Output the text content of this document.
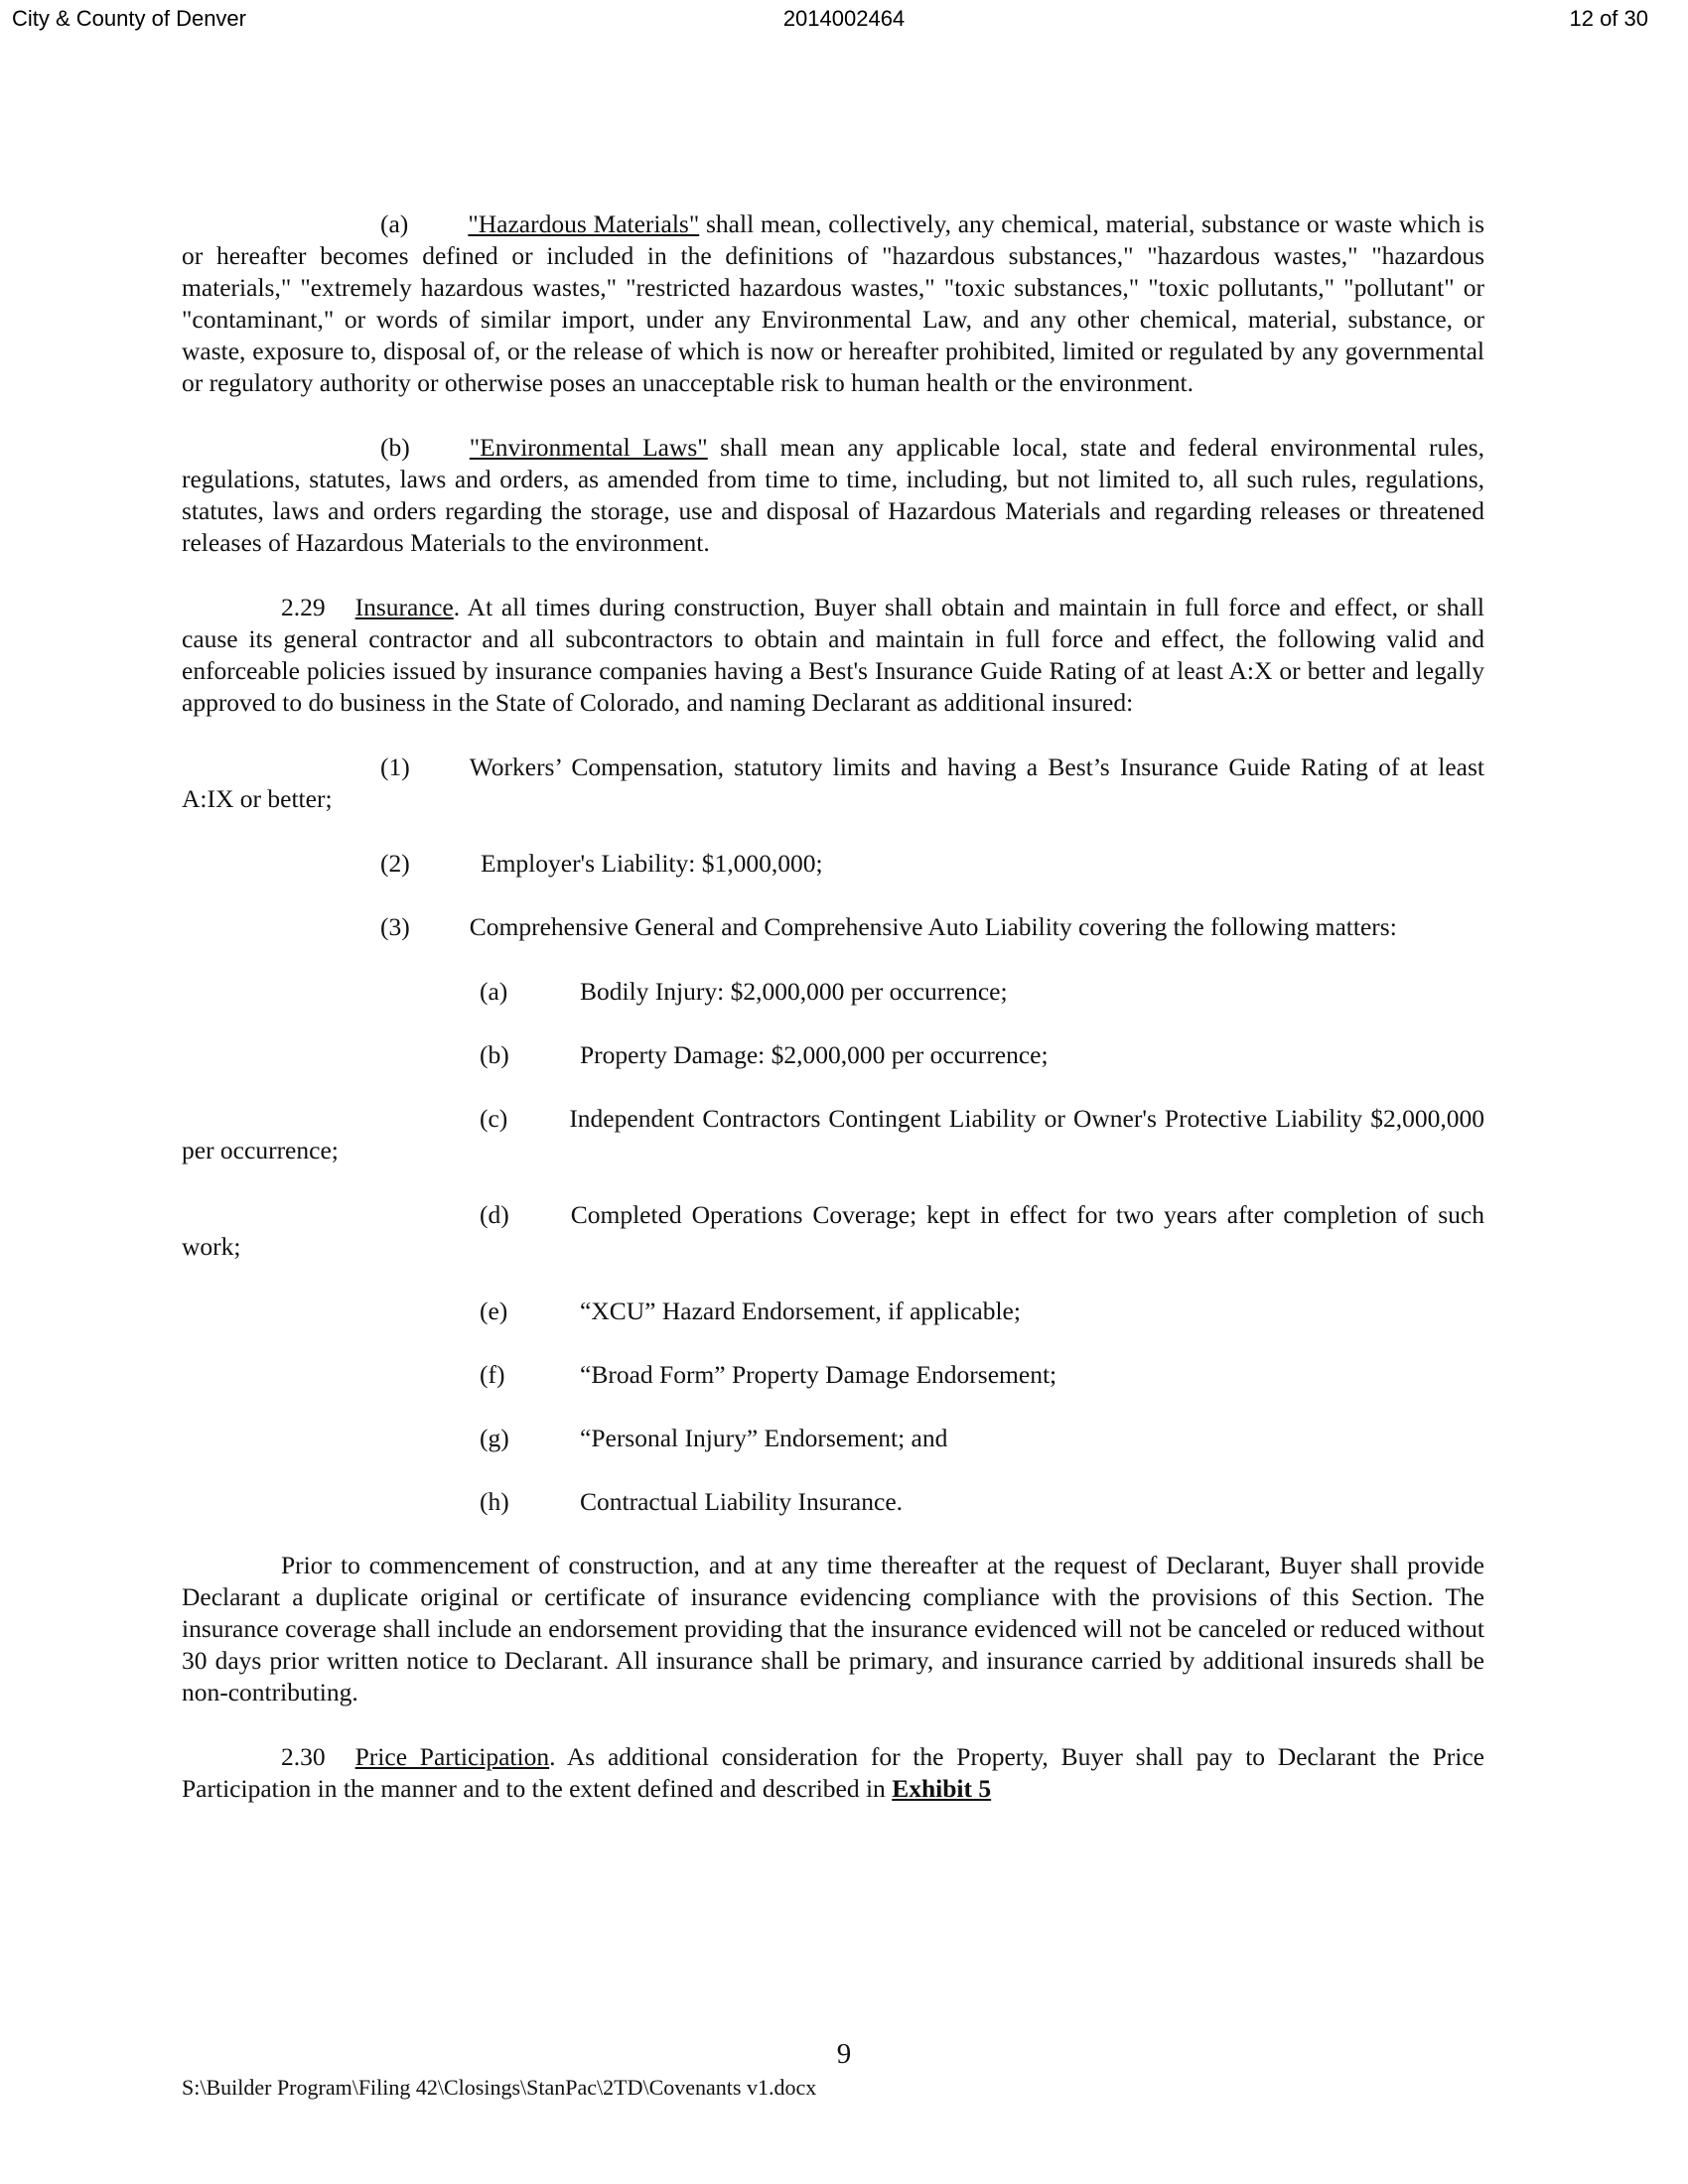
City & County of Denver	2014002464	12 of 30

(a) "Hazardous Materials" shall mean, collectively, any chemical, material, substance or waste which is or hereafter becomes defined or included in the definitions of "hazardous substances," "hazardous wastes," "hazardous materials," "extremely hazardous wastes," "restricted hazardous wastes," "toxic substances," "toxic pollutants," "pollutant" or "contaminant," or words of similar import, under any Environmental Law, and any other chemical, material, substance, or waste, exposure to, disposal of, or the release of which is now or hereafter prohibited, limited or regulated by any governmental or regulatory authority or otherwise poses an unacceptable risk to human health or the environment.

(b) "Environmental Laws" shall mean any applicable local, state and federal environmental rules, regulations, statutes, laws and orders, as amended from time to time, including, but not limited to, all such rules, regulations, statutes, laws and orders regarding the storage, use and disposal of Hazardous Materials and regarding releases or threatened releases of Hazardous Materials to the environment.

2.29 Insurance. At all times during construction, Buyer shall obtain and maintain in full force and effect, or shall cause its general contractor and all subcontractors to obtain and maintain in full force and effect, the following valid and enforceable policies issued by insurance companies having a Best's Insurance Guide Rating of at least A:X or better and legally approved to do business in the State of Colorado, and naming Declarant as additional insured:

(1) Workers’ Compensation, statutory limits and having a Best’s Insurance Guide Rating of at least A:IX or better;

(2)	Employer's Liability: $1,000,000;

(3) Comprehensive General and Comprehensive Auto Liability covering the following matters:

(a)	Bodily Injury: $2,000,000 per occurrence;
(b)	Property Damage: $2,000,000 per occurrence;

(c) Independent Contractors Contingent Liability or Owner's Protective Liability $2,000,000 per occurrence;

(d) Completed Operations Coverage; kept in effect for two years after completion of such work;

(e)	“XCU” Hazard Endorsement, if applicable;
(f)	“Broad Form” Property Damage Endorsement;
(g)	“Personal Injury” Endorsement; and
(h)	Contractual Liability Insurance.

Prior to commencement of construction, and at any time thereafter at the request of Declarant, Buyer shall provide Declarant a duplicate original or certificate of insurance evidencing compliance with the provisions of this Section. The insurance coverage shall include an endorsement providing that the insurance evidenced will not be canceled or reduced without 30 days prior written notice to Declarant. All insurance shall be primary, and insurance carried by additional insureds shall be non-contributing.

2.30 Price Participation. As additional consideration for the Property, Buyer shall pay to Declarant the Price Participation in the manner and to the extent defined and described in Exhibit 5

9
S:\Builder Program\Filing 42\Closings\StanPac\2TD\Covenants v1.docx
